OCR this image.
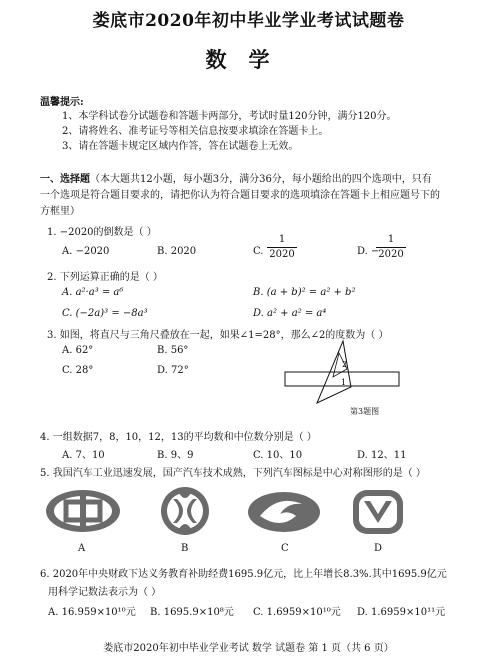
娄底市2020年初中毕业学业考试试题卷
数学
温馨提示:
1、本学科试卷分试题卷和答题卡两部分，考试时量120分钟，满分120分。
2、请将姓名、准考证号等相关信息按要求填涂在答题卡上。
3、请在答题卡规定区域内作答，答在试题卷上无效。
一、选择题（本大题共12小题，每小题3分，满分36分，每小题给出的四个选项中，只有
一个选项是符合题目要求的，请把你认为符合题目要求的选项填涂在答题卡上相应题号下的
方框里）
1. −2020的倒数是（ ）
A. −2020	B. 2020	C.
1
2020	D. −
1
2020
2. 下列运算正确的是（ ）
A. a²·a³ = a⁶	B. (a + b)² = a² + b²
C. (−2a)³ = −8a³	D. a² + a² = a⁴
3. 如图，将直尺与三角尺叠放在一起，如果∠1=28°，那么∠2的度数为（ ）
A. 62°	B. 56°
C. 28°	D. 72°
2
1
第3题图
4. 一组数据7，8，10，12，13的平均数和中位数分别是（ ）
A. 7、10	B. 9、9	C. 10、10	D. 12、11
5. 我国汽车工业迅速发展，国产汽车技术成熟，下列汽车图标是中心对称图形的是（ ）
A	B	C	D
6. 2020年中央财政下达义务教育补助经费1695.9亿元，比上年增长8.3%.其中1695.9亿元
用科学记数法表示为（ ）
A. 16.959×10¹⁰元 B. 1695.9×10⁸元 C. 1.6959×10¹⁰元 D. 1.6959×10¹¹元
娄底市2020年初中毕业学业考试 数学 试题卷 第 1 页（共 6 页）
